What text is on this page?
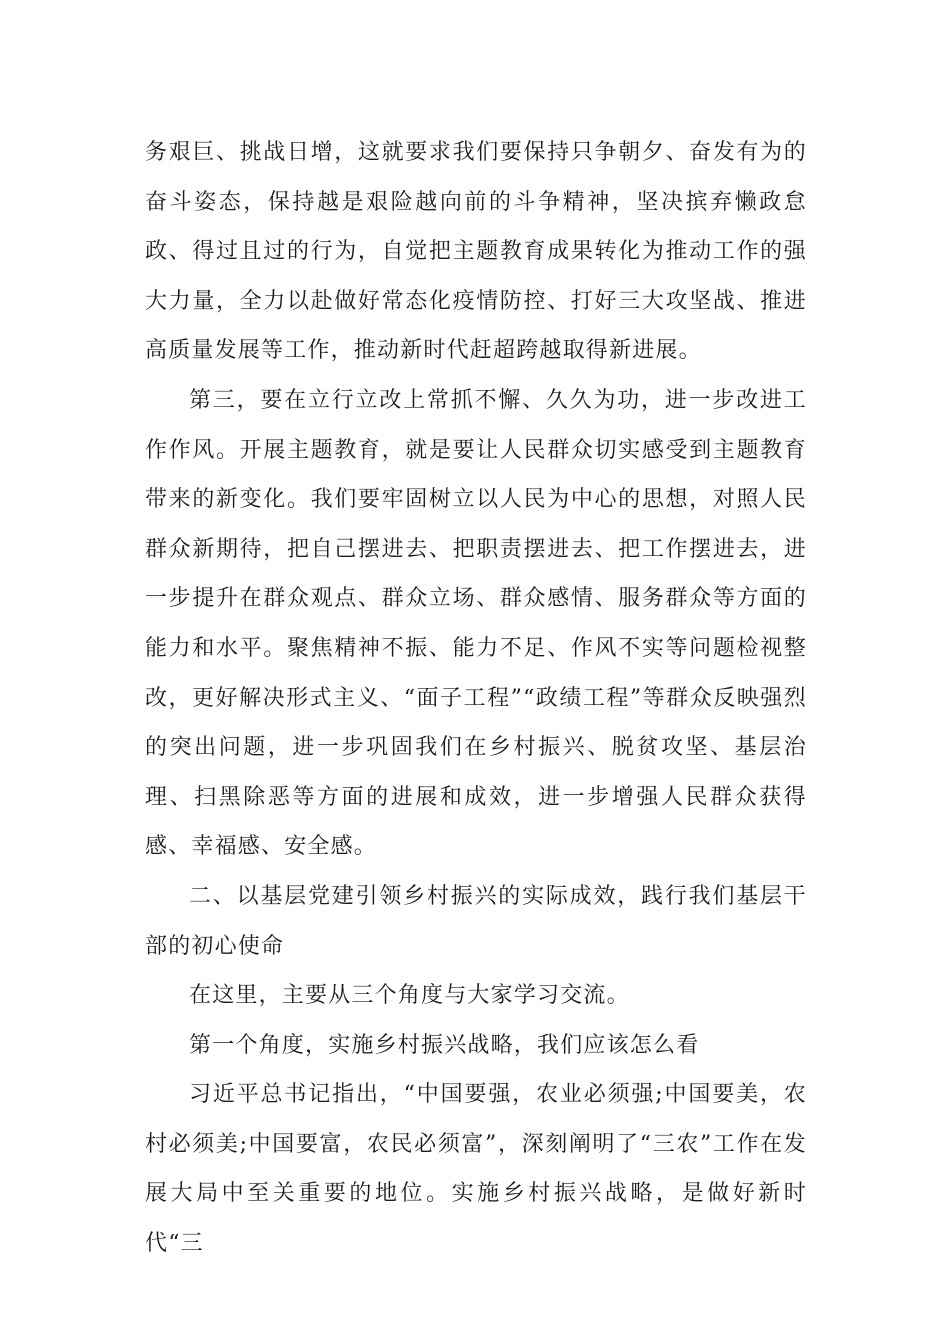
务艰巨、挑战日增，这就要求我们要保持只争朝夕、奋发有为的奋斗姿态，保持越是艰险越向前的斗争精神，坚决摈弃懒政怠政、得过且过的行为，自觉把主题教育成果转化为推动工作的强大力量，全力以赴做好常态化疫情防控、打好三大攻坚战、推进高质量发展等工作，推动新时代赶超跨越取得新进展。

第三，要在立行立改上常抓不懈、久久为功，进一步改进工作作风。开展主题教育，就是要让人民群众切实感受到主题教育带来的新变化。我们要牢固树立以人民为中心的思想，对照人民群众新期待，把自己摆进去、把职责摆进去、把工作摆进去，进一步提升在群众观点、群众立场、群众感情、服务群众等方面的能力和水平。聚焦精神不振、能力不足、作风不实等问题检视整改，更好解决形式主义、“面子工程”“政绩工程”等群众反映强烈的突出问题，进一步巩固我们在乡村振兴、脱贫攻坚、基层治理、扫黑除恶等方面的进展和成效，进一步增强人民群众获得感、幸福感、安全感。

二、以基层党建引领乡村振兴的实际成效，践行我们基层干部的初心使命

在这里，主要从三个角度与大家学习交流。

第一个角度，实施乡村振兴战略，我们应该怎么看

习近平总书记指出，“中国要强，农业必须强;中国要美，农村必须美;中国要富，农民必须富”，深刻阐明了“三农”工作在发展大局中至关重要的地位。实施乡村振兴战略，是做好新时代“三
